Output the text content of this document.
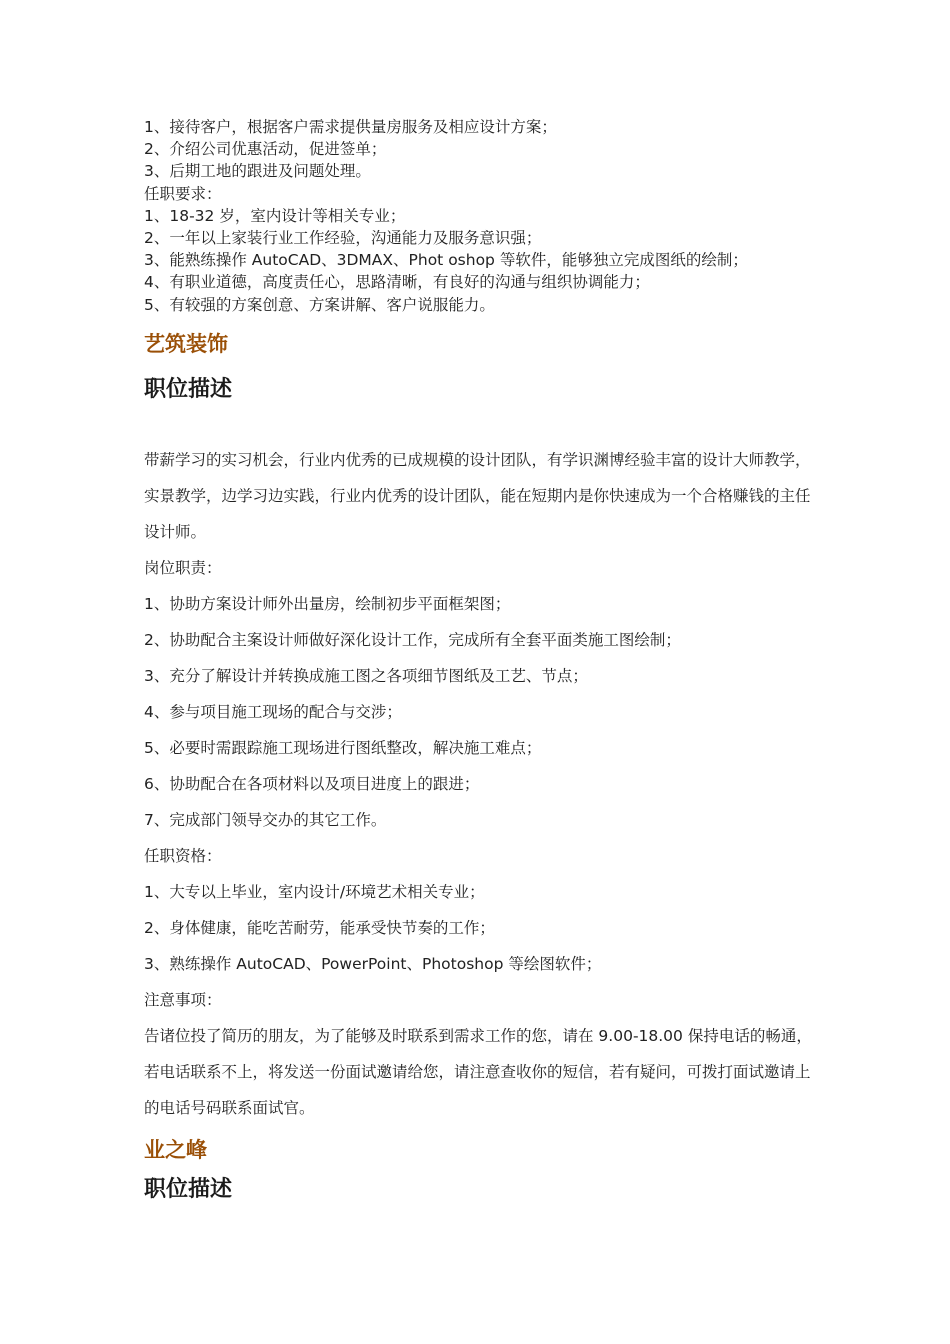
1、接待客户，根据客户需求提供量房服务及相应设计方案；

2、介绍公司优惠活动，促进签单；

3、后期工地的跟进及问题处理。

任职要求：

1、18-32 岁，室内设计等相关专业；

2、一年以上家装行业工作经验，沟通能力及服务意识强；

3、能熟练操作 AutoCAD、3DMAX、Phot oshop 等软件，能够独立完成图纸的绘制；

4、有职业道德，高度责任心，思路清晰，有良好的沟通与组织协调能力；

5、有较强的方案创意、方案讲解、客户说服能力。

艺筑装饰
职位描述

带薪学习的实习机会，行业内优秀的已成规模的设计团队，有学识渊博经验丰富的设计大师教学，实景教学，边学习边实践，行业内优秀的设计团队，能在短期内是你快速成为一个合格赚钱的主任设计师。

岗位职责：

1、协助方案设计师外出量房，绘制初步平面框架图；

2、协助配合主案设计师做好深化设计工作，完成所有全套平面类施工图绘制；

3、充分了解设计并转换成施工图之各项细节图纸及工艺、节点；

4、参与项目施工现场的配合与交涉；

5、必要时需跟踪施工现场进行图纸整改，解决施工难点；

6、协助配合在各项材料以及项目进度上的跟进；

7、完成部门领导交办的其它工作。

任职资格：

1、大专以上毕业，室内设计/环境艺术相关专业；

2、身体健康，能吃苦耐劳，能承受快节奏的工作；

3、熟练操作 AutoCAD、PowerPoint、Photoshop 等绘图软件；

注意事项：

告诸位投了简历的朋友，为了能够及时联系到需求工作的您，请在 9.00-18.00 保持电话的畅通，若电话联系不上，将发送一份面试邀请给您，请注意查收你的短信，若有疑问，可拨打面试邀请上的电话号码联系面试官。

业之峰
职位描述
